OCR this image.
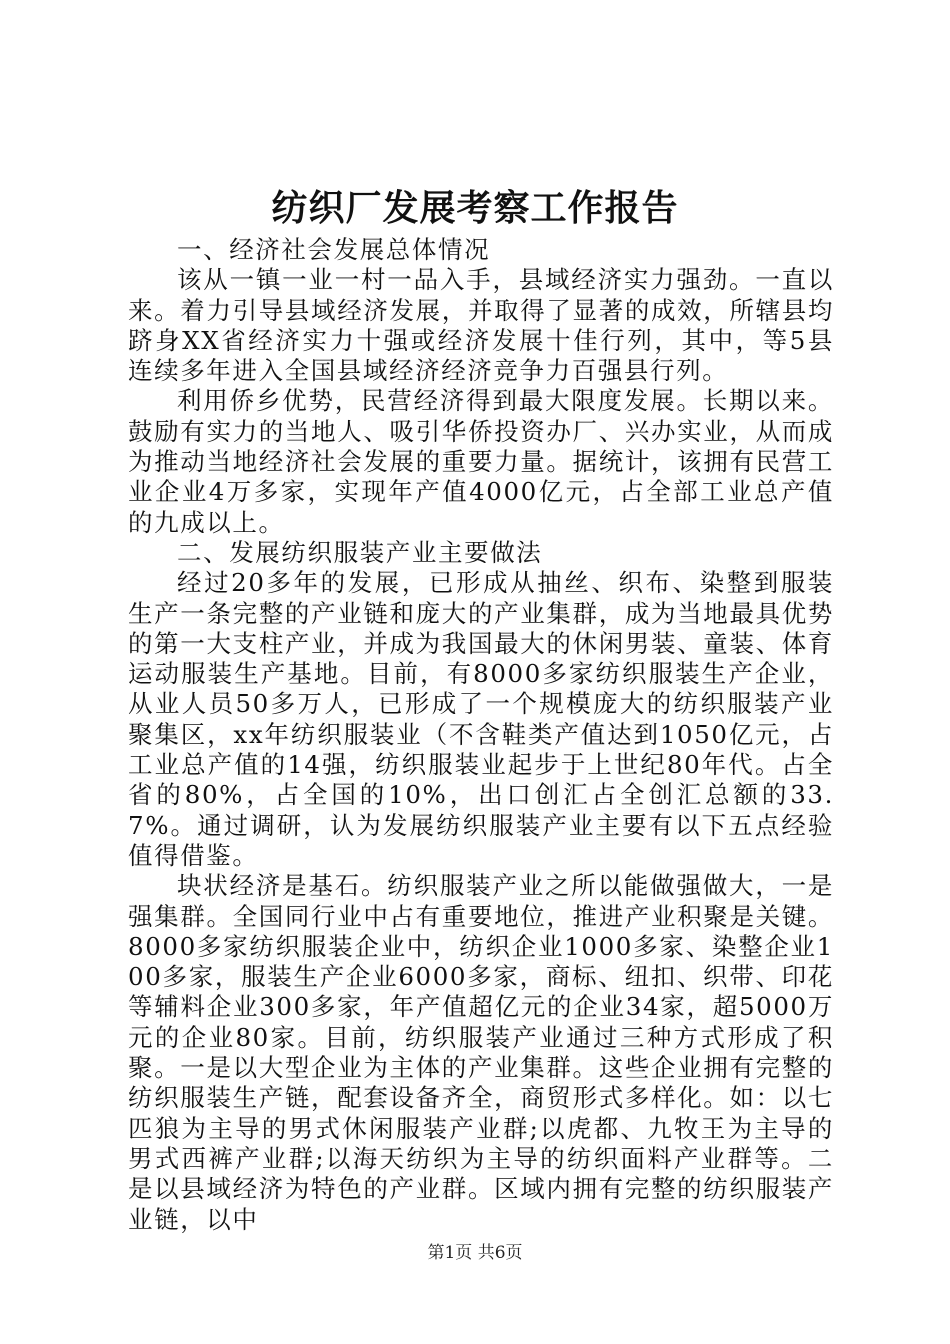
纺织厂发展考察工作报告

一、经济社会发展总体情况

该从一镇一业一村一品入手，县域经济实力强劲。一直以来。着力引导县域经济发展，并取得了显著的成效，所辖县均跻身XX省经济实力十强或经济发展十佳行列，其中，等5县连续多年进入全国县域经济经济竞争力百强县行列。

利用侨乡优势，民营经济得到最大限度发展。长期以来。鼓励有实力的当地人、吸引华侨投资办厂、兴办实业，从而成为推动当地经济社会发展的重要力量。据统计，该拥有民营工业企业4万多家，实现年产值4000亿元，占全部工业总产值的九成以上。

二、发展纺织服装产业主要做法

经过20多年的发展，已形成从抽丝、织布、染整到服装生产一条完整的产业链和庞大的产业集群，成为当地最具优势的第一大支柱产业，并成为我国最大的休闲男装、童装、体育运动服装生产基地。目前，有8000多家纺织服装生产企业，从业人员50多万人，已形成了一个规模庞大的纺织服装产业聚集区，xx年纺织服装业（不含鞋类产值达到1050亿元，占工业总产值的14强，纺织服装业起步于上世纪80年代。占全省的80%，占全国的10%，出口创汇占全创汇总额的33.7%。通过调研，认为发展纺织服装产业主要有以下五点经验值得借鉴。

块状经济是基石。纺织服装产业之所以能做强做大，一是强集群。全国同行业中占有重要地位，推进产业积聚是关键。8000多家纺织服装企业中，纺织企业1000多家、染整企业100多家，服装生产企业6000多家，商标、纽扣、织带、印花等辅料企业300多家，年产值超亿元的企业34家，超5000万元的企业80家。目前，纺织服装产业通过三种方式形成了积聚。一是以大型企业为主体的产业集群。这些企业拥有完整的纺织服装生产链，配套设备齐全，商贸形式多样化。如：以七匹狼为主导的男式休闲服装产业群;以虎都、九牧王为主导的男式西裤产业群;以海天纺织为主导的纺织面料产业群等。二是以县域经济为特色的产业群。区域内拥有完整的纺织服装产业链，以中

第1页 共6页
